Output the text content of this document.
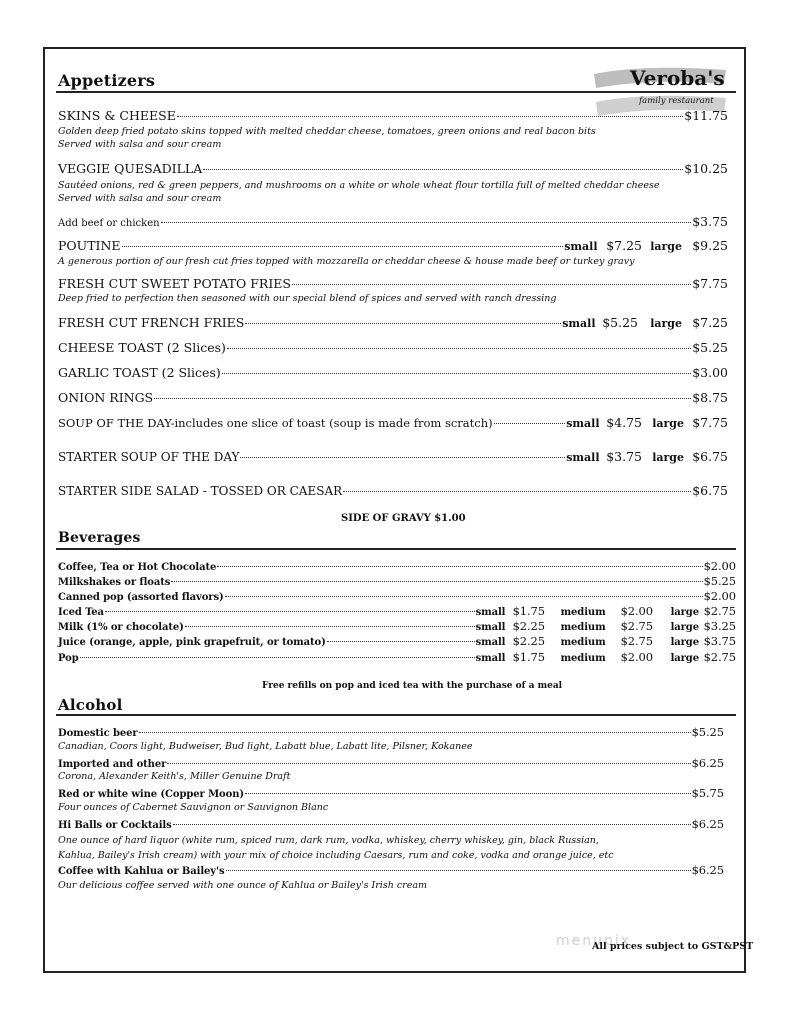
Veroba's
family restaurant
Appetizers
SKINS & CHEESE	$11.75
Golden deep fried potato skins topped with melted cheddar cheese, tomatoes, green onions and real bacon bits
Served with salsa and sour cream
VEGGIE QUESADILLA	$10.25
Sautéed onions, red & green peppers, and mushrooms on a white or whole wheat flour tortilla full of melted cheddar cheese
Served with salsa and sour cream
Add beef or chicken	$3.75
POUTINE	small $7.25 large $9.25
A generous portion of our fresh cut fries topped with mozzarella or cheddar cheese & house made beef or turkey gravy
FRESH CUT SWEET POTATO FRIES	$7.75
Deep fried to perfection then seasoned with our special blend of spices and served with ranch dressing
FRESH CUT FRENCH FRIES	small $5.25	large $7.25
CHEESE TOAST (2 Slices)	$5.25
GARLIC TOAST (2 Slices)	$3.00
ONION RINGS	$8.75
SOUP OF THE DAY-includes one slice of toast (soup is made from scratch)	small $4.75 large $7.75
STARTER SOUP OF THE DAY	small $3.75 large $6.75
STARTER SIDE SALAD - TOSSED OR CAESAR	$6.75
SIDE OF GRAVY $1.00
Beverages
Coffee, Tea or Hot Chocolate	$2.00
Milkshakes or floats	$5.25
Canned pop (assorted flavors)	$2.00
Iced Tea	small $1.75	medium	$2.00	large $2.75
Milk (1% or chocolate)	small $2.25	medium	$2.75	large $3.25
Juice (orange, apple, pink grapefruit, or tomato)	small $2.25	medium	$2.75	large $3.75
Pop	small $1.75	medium	$2.00	large $2.75
Free refills on pop and iced tea with the purchase of a meal
Alcohol
Domestic beer	$5.25
Canadian, Coors light, Budweiser, Bud light, Labatt blue, Labatt lite, Pilsner, Kokanee
Imported and other	$6.25
Corona, Alexander Keith's, Miller Genuine Draft
Red or white wine (Copper Moon)	$5.75
Four ounces of Cabernet Sauvignon or Sauvignon Blanc
Hi Balls or Cocktails	$6.25
One ounce of hard liquor (white rum, spiced rum, dark rum, vodka, whiskey, cherry whiskey, gin, black Russian,
Kahlua, Bailey's Irish cream) with your mix of choice including Caesars, rum and coke, vodka and orange juice, etc
Coffee with Kahlua or Bailey's	$6.25
Our delicious coffee served with one ounce of Kahlua or Bailey's Irish cream
menupix
All prices subject to GST&PST
